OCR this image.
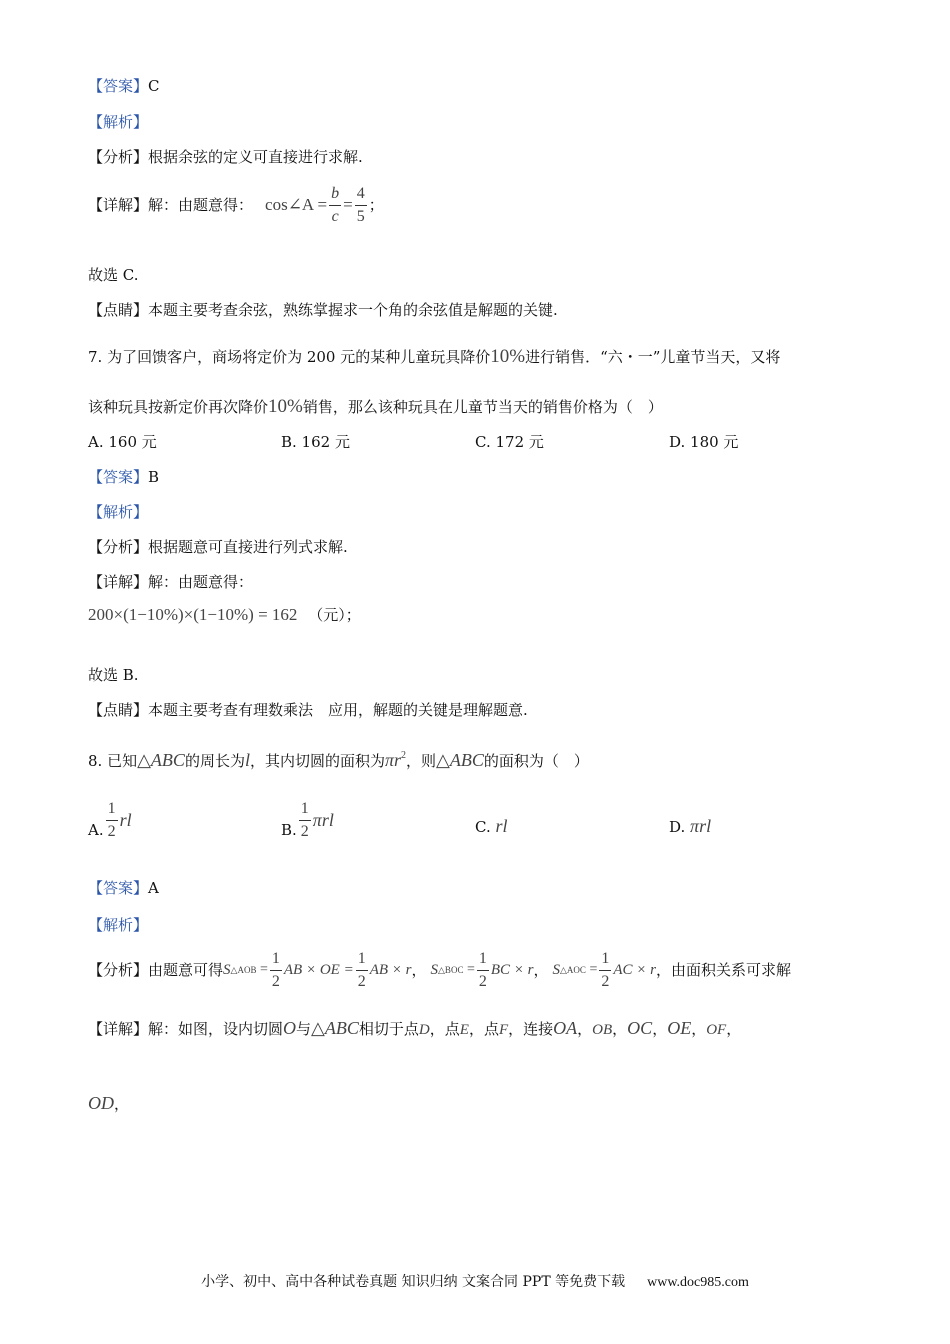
【答案】C
【解析】
【分析】根据余弦的定义可直接进行求解.
【详解】 解：由题意得： cos∠A = $\frac{b}{c} = \frac{4}{5}$ ；
故选 C.
【点睛】本题主要考查余弦，熟练掌握求一个角的余弦值是解题的关键.
7. 为了回馈客户，商场将定价为 200 元的某种儿童玩具降价10%进行销售．“六・一”儿童节当天，又将
该种玩具按新定价再次降价10%销售，那么该种玩具在儿童节当天的销售价格为（　）
A. 160 元	B. 162 元	C. 172 元	D. 180 元
【答案】B
【解析】
【分析】根据题意可直接进行列式求解.
【详解】解：由题意得：
200×(1−10%)×(1−10%) = 162 （元）；
故选 B.
【点睛】本题主要考查有理数乘法　应用，解题的关键是理解题意.
8. 已知△ABC的周长为l，其内切圆的面积为$\pi r^2$，则△ABC的面积为（　）
A. $\frac{1}{2}$ rl
B. $\frac{1}{2}$ πrl	C. rl	D. πrl
【答案】A
【解析】
【分析】 由题意可得 S △AOB = $\frac{1}{2}$ AB × OE = $\frac{1}{2}$ AB × r ， S △BOC = $\frac{1}{2}$ BC × r ， S △AOC = $\frac{1}{2}$ AC × r ，由面积关系可求解
【详解】解：如图，设内切圆O与△ABC相切于点D，点E，点F，连接OA，OB，OC，OE，OF，
OD，
小学、初中、高中各种试卷真题 知识归纳 文案合同 PPT 等免费下载 www.doc985.com
